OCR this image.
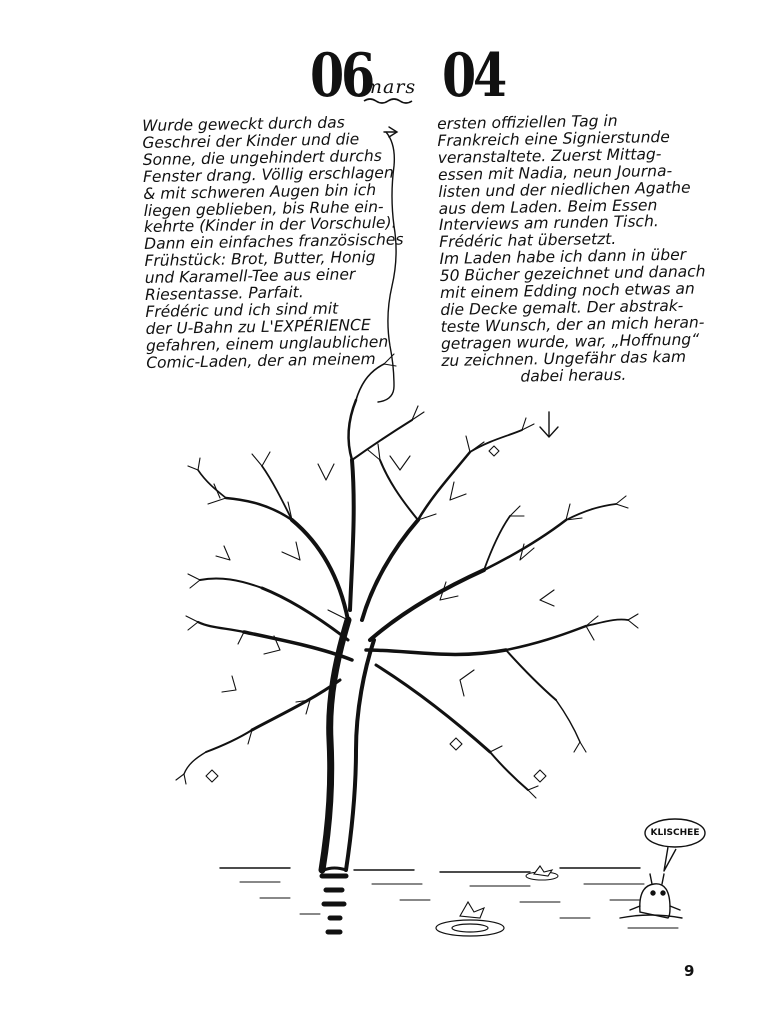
06
mars 04
Wurde geweckt durch das
Geschrei der Kinder und die
Sonne, die ungehindert durchs
Fenster drang. Völlig erschlagen
& mit schweren Augen bin ich
liegen geblieben, bis Ruhe ein-
kehrte (Kinder in der Vorschule).
Dann ein einfaches französisches
Frühstück: Brot, Butter, Honig
und Karamell-Tee aus einer
Riesentasse. Parfait.
Frédéric und ich sind mit
der U-Bahn zu L'EXPÉRIENCE
gefahren, einem unglaublichen
Comic-Laden, der an meinem
ersten offiziellen Tag in
Frankreich eine Signierstunde
veranstaltete. Zuerst Mittag-
essen mit Nadia, neun Journa-
listen und der niedlichen Agathe
aus dem Laden. Beim Essen
Interviews am runden Tisch.
Frédéric hat übersetzt.
Im Laden habe ich dann in über
50 Bücher gezeichnet und danach
mit einem Edding noch etwas an
die Decke gemalt. Der abstrak-
teste Wunsch, der an mich heran-
getragen wurde, war, „Hoffnung“
zu zeichnen. Ungefähr das kam
dabei heraus.
KLISCHEE
9
